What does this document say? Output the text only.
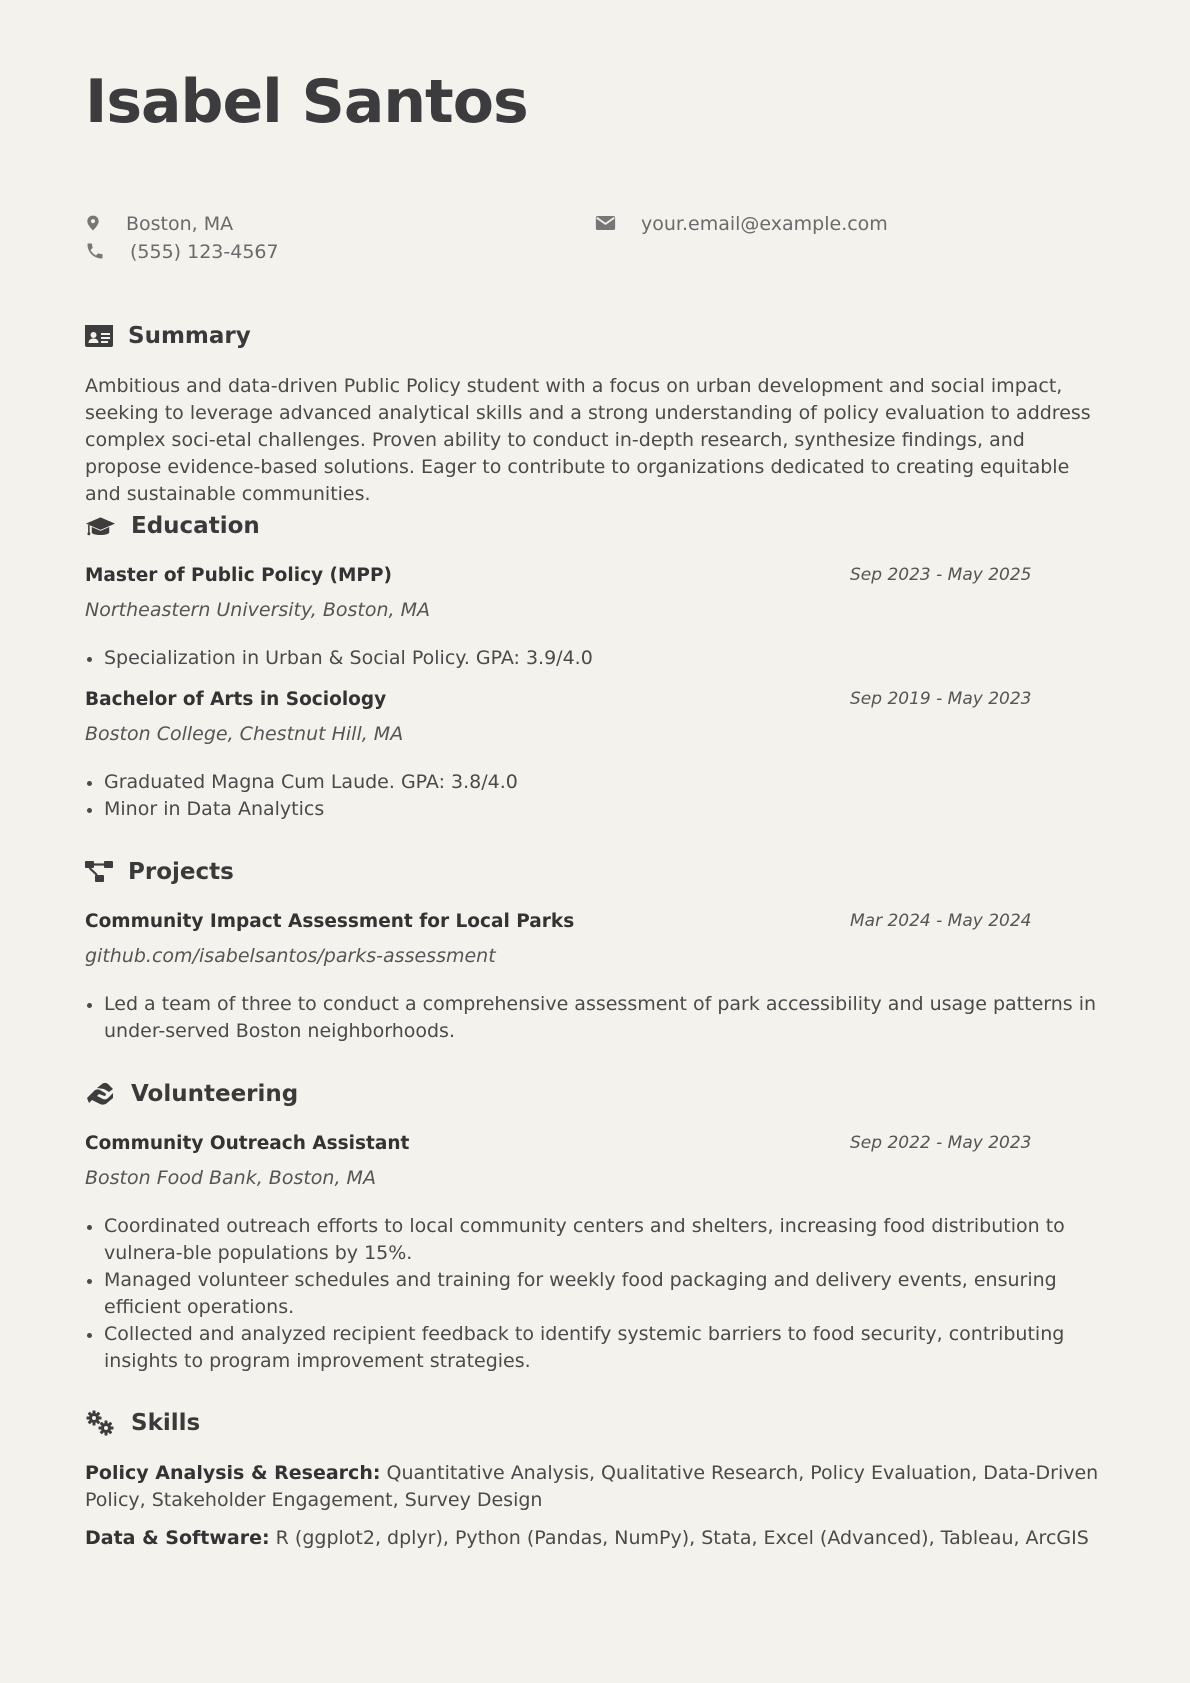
Isabel Santos
Boston, MA	your.email@example.com
(555) 123-4567
Summary

Ambitious and data-driven Public Policy student with a focus on urban development and social impact, seeking to leverage advanced analytical skills and a strong understanding of policy evaluation to address complex soci-etal challenges. Proven ability to conduct in-depth research, synthesize findings, and propose evidence-based solutions. Eager to contribute to organizations dedicated to creating equitable and sustainable communities.

Education
Master of Public Policy (MPP)	Sep 2023 - May 2025
Northeastern University, Boston, MA
Specialization in Urban & Social Policy. GPA: 3.9/4.0
Bachelor of Arts in Sociology	Sep 2019 - May 2023
Boston College, Chestnut Hill, MA
Graduated Magna Cum Laude. GPA: 3.8/4.0
Minor in Data Analytics
Projects
Community Impact Assessment for Local Parks	Mar 2024 - May 2024
github.com/isabelsantos/parks-assessment
Led a team of three to conduct a comprehensive assessment of park accessibility and usage patterns in under-served Boston neighborhoods.
Volunteering
Community Outreach Assistant	Sep 2022 - May 2023
Boston Food Bank, Boston, MA
Coordinated outreach efforts to local community centers and shelters, increasing food distribution to vulnera-ble populations by 15%.
Managed volunteer schedules and training for weekly food packaging and delivery events, ensuring efficient operations.
Collected and analyzed recipient feedback to identify systemic barriers to food security, contributing insights to program improvement strategies.
Skills

Policy Analysis & Research: Quantitative Analysis, Qualitative Research, Policy Evaluation, Data-Driven Policy, Stakeholder Engagement, Survey Design

Data & Software: R (ggplot2, dplyr), Python (Pandas, NumPy), Stata, Excel (Advanced), Tableau, ArcGIS
